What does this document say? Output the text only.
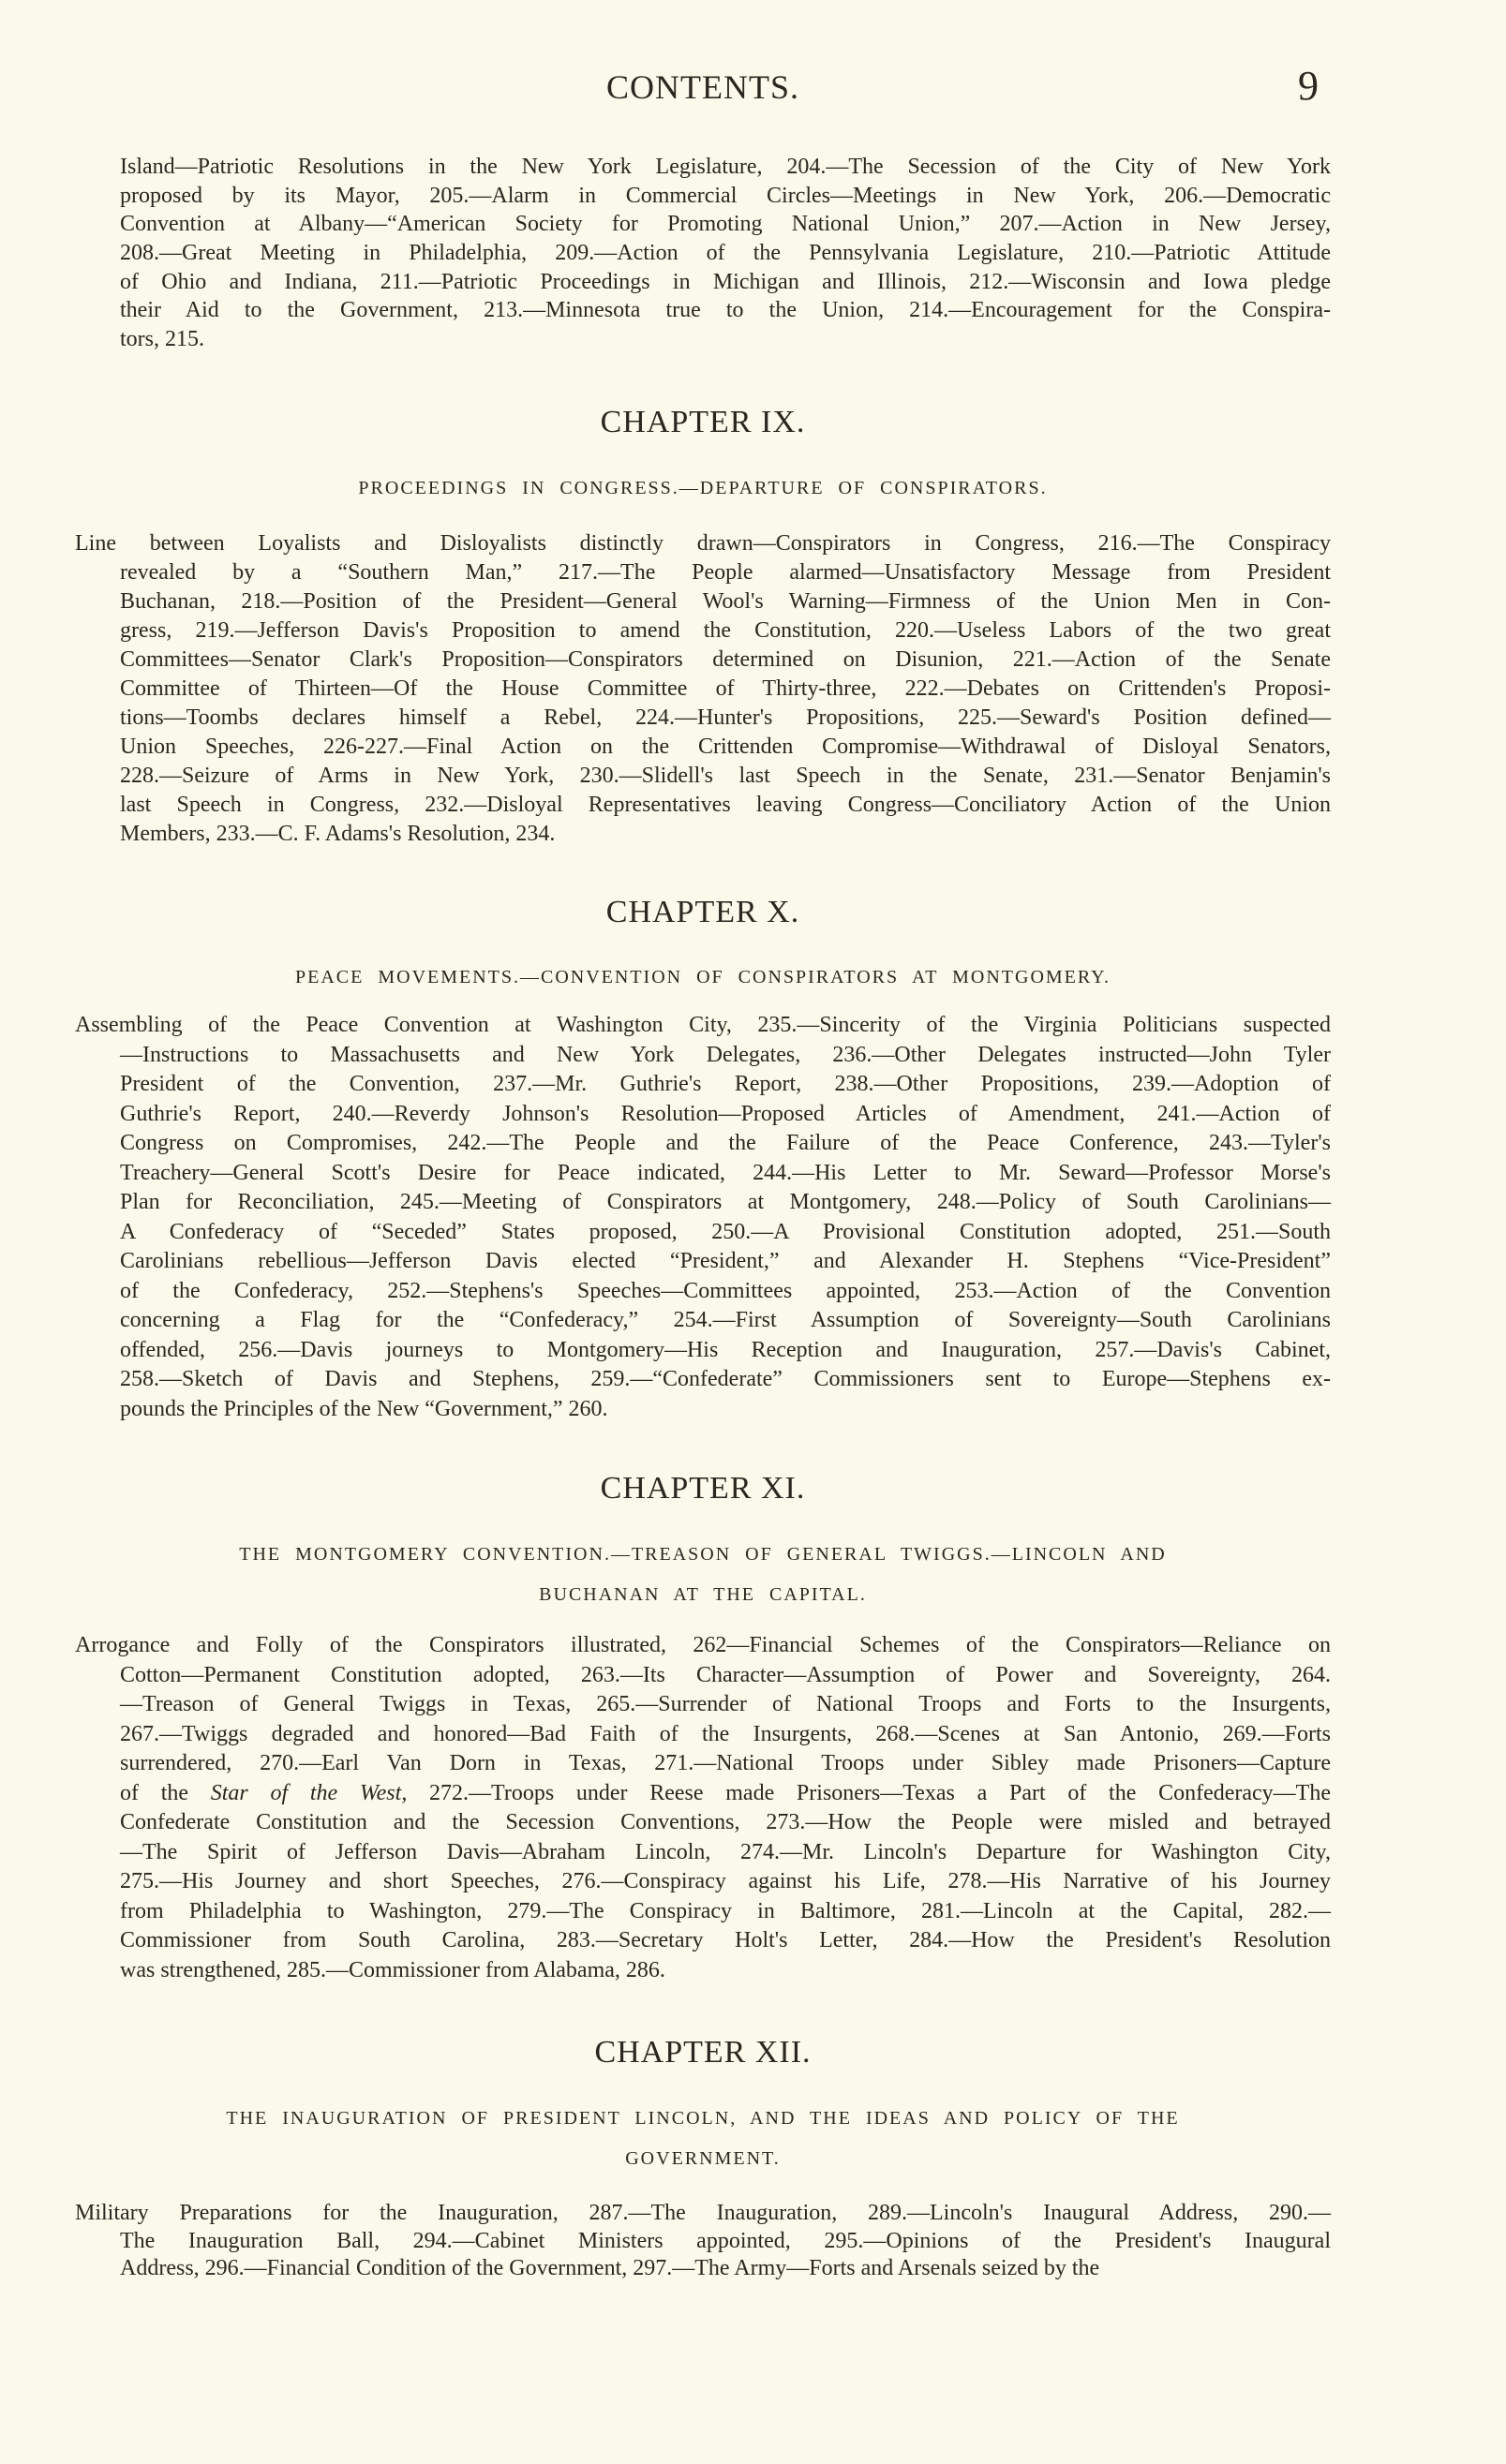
CONTENTS.	9
Island—Patriotic Resolutions in the New York Legislature, 204.—The Secession of the City of New York
proposed by its Mayor, 205.—Alarm in Commercial Circles—Meetings in New York, 206.—Democratic
Convention at Albany—“American Society for Promoting National Union,” 207.—Action in New Jersey,
208.—Great Meeting in Philadelphia, 209.—Action of the Pennsylvania Legislature, 210.—Patriotic Attitude
of Ohio and Indiana, 211.—Patriotic Proceedings in Michigan and Illinois, 212.—Wisconsin and Iowa pledge
their Aid to the Government, 213.—Minnesota true to the Union, 214.—Encouragement for the Conspira-
tors, 215.
CHAPTER IX.
PROCEEDINGS IN CONGRESS.—DEPARTURE OF CONSPIRATORS.
Line between Loyalists and Disloyalists distinctly drawn—Conspirators in Congress, 216.—The Conspiracy
revealed by a “Southern Man,” 217.—The People alarmed—Unsatisfactory Message from President
Buchanan, 218.—Position of the President—General Wool's Warning—Firmness of the Union Men in Con-
gress, 219.—Jefferson Davis's Proposition to amend the Constitution, 220.—Useless Labors of the two great
Committees—Senator Clark's Proposition—Conspirators determined on Disunion, 221.—Action of the Senate
Committee of Thirteen—Of the House Committee of Thirty-three, 222.—Debates on Crittenden's Proposi-
tions—Toombs declares himself a Rebel, 224.—Hunter's Propositions, 225.—Seward's Position defined—
Union Speeches, 226-227.—Final Action on the Crittenden Compromise—Withdrawal of Disloyal Senators,
228.—Seizure of Arms in New York, 230.—Slidell's last Speech in the Senate, 231.—Senator Benjamin's
last Speech in Congress, 232.—Disloyal Representatives leaving Congress—Conciliatory Action of the Union
Members, 233.—C. F. Adams's Resolution, 234.
CHAPTER X.
PEACE MOVEMENTS.—CONVENTION OF CONSPIRATORS AT MONTGOMERY.
Assembling of the Peace Convention at Washington City, 235.—Sincerity of the Virginia Politicians suspected
—Instructions to Massachusetts and New York Delegates, 236.—Other Delegates instructed—John Tyler
President of the Convention, 237.—Mr. Guthrie's Report, 238.—Other Propositions, 239.—Adoption of
Guthrie's Report, 240.—Reverdy Johnson's Resolution—Proposed Articles of Amendment, 241.—Action of
Congress on Compromises, 242.—The People and the Failure of the Peace Conference, 243.—Tyler's
Treachery—General Scott's Desire for Peace indicated, 244.—His Letter to Mr. Seward—Professor Morse's
Plan for Reconciliation, 245.—Meeting of Conspirators at Montgomery, 248.—Policy of South Carolinians—
A Confederacy of “Seceded” States proposed, 250.—A Provisional Constitution adopted, 251.—South
Carolinians rebellious—Jefferson Davis elected “President,” and Alexander H. Stephens “Vice-President”
of the Confederacy, 252.—Stephens's Speeches—Committees appointed, 253.—Action of the Convention
concerning a Flag for the “Confederacy,” 254.—First Assumption of Sovereignty—South Carolinians
offended, 256.—Davis journeys to Montgomery—His Reception and Inauguration, 257.—Davis's Cabinet,
258.—Sketch of Davis and Stephens, 259.—“Confederate” Commissioners sent to Europe—Stephens ex-
pounds the Principles of the New “Government,” 260.
CHAPTER XI.
THE MONTGOMERY CONVENTION.—TREASON OF GENERAL TWIGGS.—LINCOLN AND
BUCHANAN AT THE CAPITAL.
Arrogance and Folly of the Conspirators illustrated, 262—Financial Schemes of the Conspirators—Reliance on
Cotton—Permanent Constitution adopted, 263.—Its Character—Assumption of Power and Sovereignty, 264.
—Treason of General Twiggs in Texas, 265.—Surrender of National Troops and Forts to the Insurgents,
267.—Twiggs degraded and honored—Bad Faith of the Insurgents, 268.—Scenes at San Antonio, 269.—Forts
surrendered, 270.—Earl Van Dorn in Texas, 271.—National Troops under Sibley made Prisoners—Capture
of the Star of the West, 272.—Troops under Reese made Prisoners—Texas a Part of the Confederacy—The
Confederate Constitution and the Secession Conventions, 273.—How the People were misled and betrayed
—The Spirit of Jefferson Davis—Abraham Lincoln, 274.—Mr. Lincoln's Departure for Washington City,
275.—His Journey and short Speeches, 276.—Conspiracy against his Life, 278.—His Narrative of his Journey
from Philadelphia to Washington, 279.—The Conspiracy in Baltimore, 281.—Lincoln at the Capital, 282.—
Commissioner from South Carolina, 283.—Secretary Holt's Letter, 284.—How the President's Resolution
was strengthened, 285.—Commissioner from Alabama, 286.
CHAPTER XII.
THE INAUGURATION OF PRESIDENT LINCOLN, AND THE IDEAS AND POLICY OF THE
GOVERNMENT.
Military Preparations for the Inauguration, 287.—The Inauguration, 289.—Lincoln's Inaugural Address, 290.—
The Inauguration Ball, 294.—Cabinet Ministers appointed, 295.—Opinions of the President's Inaugural
Address, 296.—Financial Condition of the Government, 297.—The Army—Forts and Arsenals seized by the
